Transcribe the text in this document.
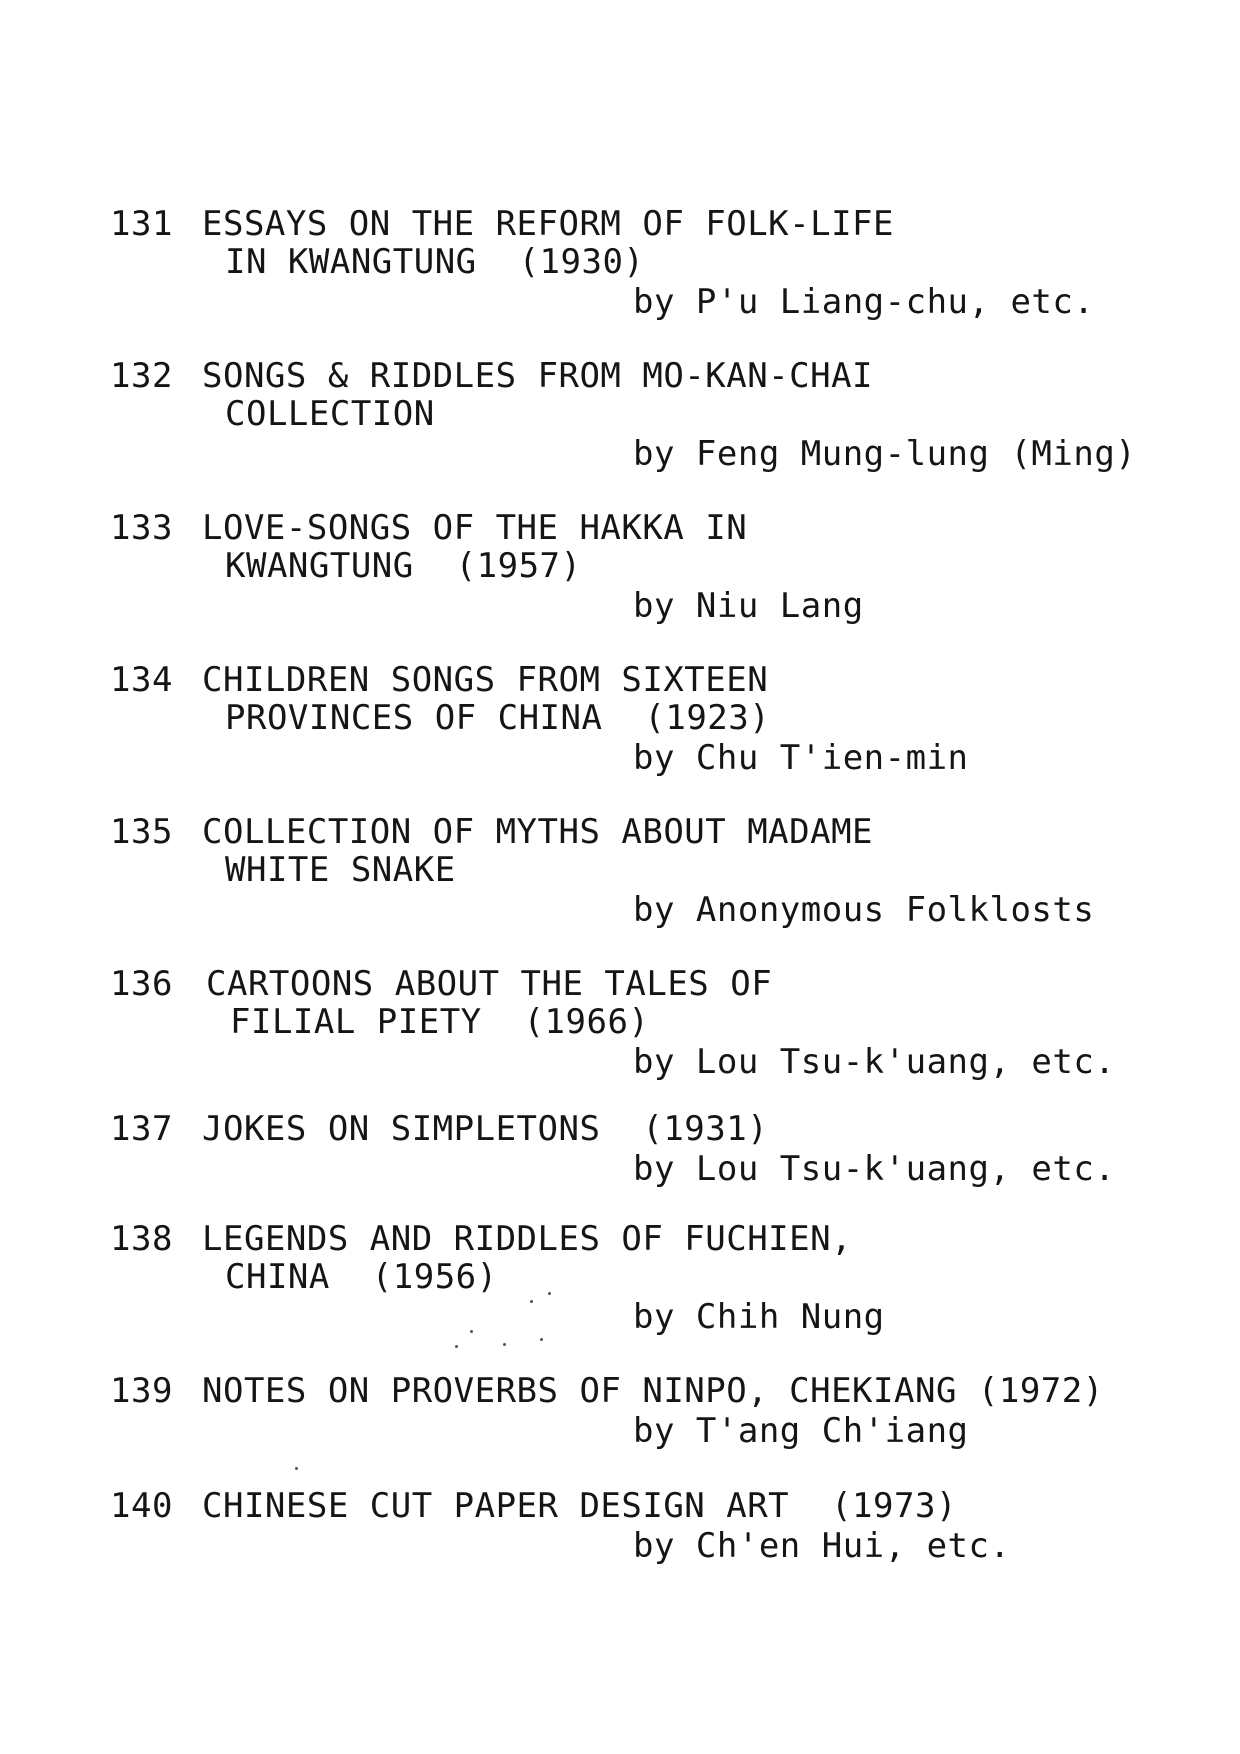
131

ESSAYS ON THE REFORM OF FOLK-LIFE

IN KWANGTUNG  (1930)

by P'u Liang-chu, etc.

132

SONGS & RIDDLES FROM MO-KAN-CHAI

COLLECTION

by Feng Mung-lung (Ming)

133

LOVE-SONGS OF THE HAKKA IN

KWANGTUNG  (1957)

by Niu Lang

134

CHILDREN SONGS FROM SIXTEEN

PROVINCES OF CHINA  (1923)

by Chu T'ien-min

135

COLLECTION OF MYTHS ABOUT MADAME

WHITE SNAKE

by Anonymous Folklosts

136

CARTOONS ABOUT THE TALES OF

FILIAL PIETY  (1966)

by Lou Tsu-k'uang, etc.

137

JOKES ON SIMPLETONS  (1931)

by Lou Tsu-k'uang, etc.

138

LEGENDS AND RIDDLES OF FUCHIEN,

CHINA  (1956)

by Chih Nung

139

NOTES ON PROVERBS OF NINPO, CHEKIANG (1972)

by T'ang Ch'iang

140

CHINESE CUT PAPER DESIGN ART  (1973)

by Ch'en Hui, etc.
